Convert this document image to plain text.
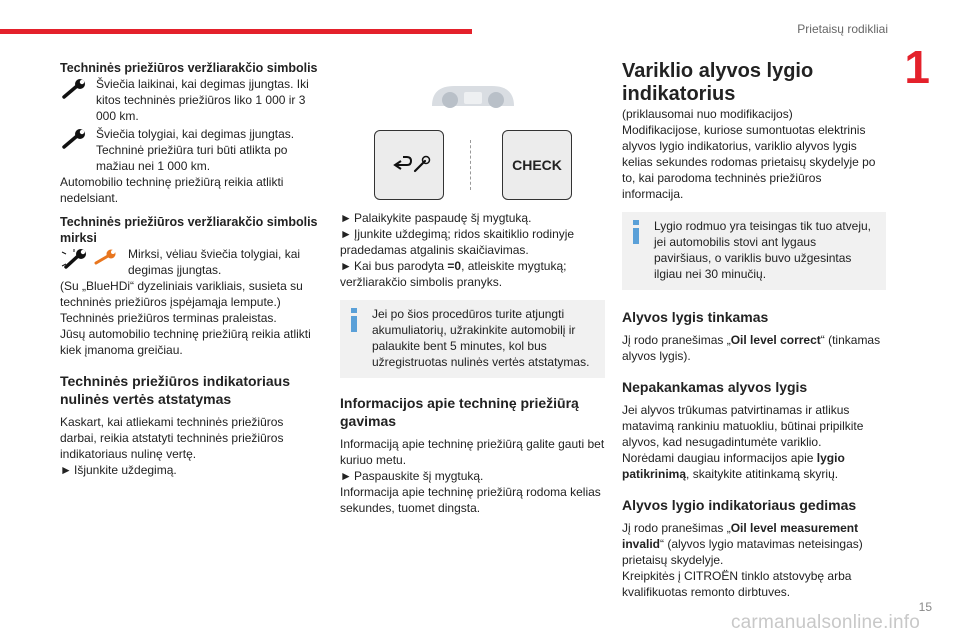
Prietaisų rodikliai
1

Techninės priežiūros veržliarakčio simbolis

Šviečia laikinai, kai degimas įjungtas. Iki kitos techninės priežiūros liko 1 000 ir 3 000 km.

Šviečia tolygiai, kai degimas įjungtas. Techninė priežiūra turi būti atlikta po mažiau nei 1 000 km.

Automobilio techninę priežiūrą reikia atlikti nedelsiant.

Techninės priežiūros veržliarakčio simbolis mirksi

Mirksi, vėliau šviečia tolygiai, kai degimas įjungtas.

(Su „BlueHDi“ dyzeliniais varikliais, susieta su techninės priežiūros įspėjamąja lempute.)

Techninės priežiūros terminas praleistas.

Jūsų automobilio techninę priežiūrą reikia atlikti kiek įmanoma greičiau.

Techninės priežiūros indikatoriaus nulinės vertės atstatymas

Kaskart, kai atliekami techninės priežiūros darbai, reikia atstatyti techninės priežiūros indikatoriaus nulinę vertę.

► Išjunkite uždegimą.

CHECK

► Palaikykite paspaudę šį mygtuką.

► Įjunkite uždegimą; ridos skaitiklio rodinyje pradedamas atgalinis skaičiavimas.

► Kai bus parodyta =0, atleiskite mygtuką; veržliarakčio simbolis pranyks.

Jei po šios procedūros turite atjungti akumuliatorių, užrakinkite automobilį ir palaukite bent 5 minutes, kol bus užregistruotas nulinės vertės atstatymas.

Informacijos apie techninę priežiūrą gavimas

Informaciją apie techninę priežiūrą galite gauti bet kuriuo metu.

► Paspauskite šį mygtuką.

Informacija apie techninę priežiūrą rodoma kelias sekundes, tuomet dingsta.

Variklio alyvos lygio indikatorius

(priklausomai nuo modifikacijos)

Modifikacijose, kuriose sumontuotas elektrinis alyvos lygio indikatorius, variklio alyvos lygis kelias sekundes rodomas prietaisų skydelyje po to, kai parodoma techninės priežiūros informacija.

Lygio rodmuo yra teisingas tik tuo atveju, jei automobilis stovi ant lygaus paviršiaus, o variklis buvo užgesintas ilgiau nei 30 minučių.

Alyvos lygis tinkamas

Jį rodo pranešimas „Oil level correct“ (tinkamas alyvos lygis).

Nepakankamas alyvos lygis

Jei alyvos trūkumas patvirtinamas ir atlikus matavimą rankiniu matuokliu, būtinai pripilkite alyvos, kad nesugadintumėte variklio.

Norėdami daugiau informacijos apie lygio patikrinimą, skaitykite atitinkamą skyrių.

Alyvos lygio indikatoriaus gedimas

Jį rodo pranešimas „Oil level measurement invalid“ (alyvos lygio matavimas neteisingas) prietaisų skydelyje.

Kreipkitės į CITROËN tinklo atstovybę arba kvalifikuotas remonto dirbtuves.

15
carmanualsonline.info
